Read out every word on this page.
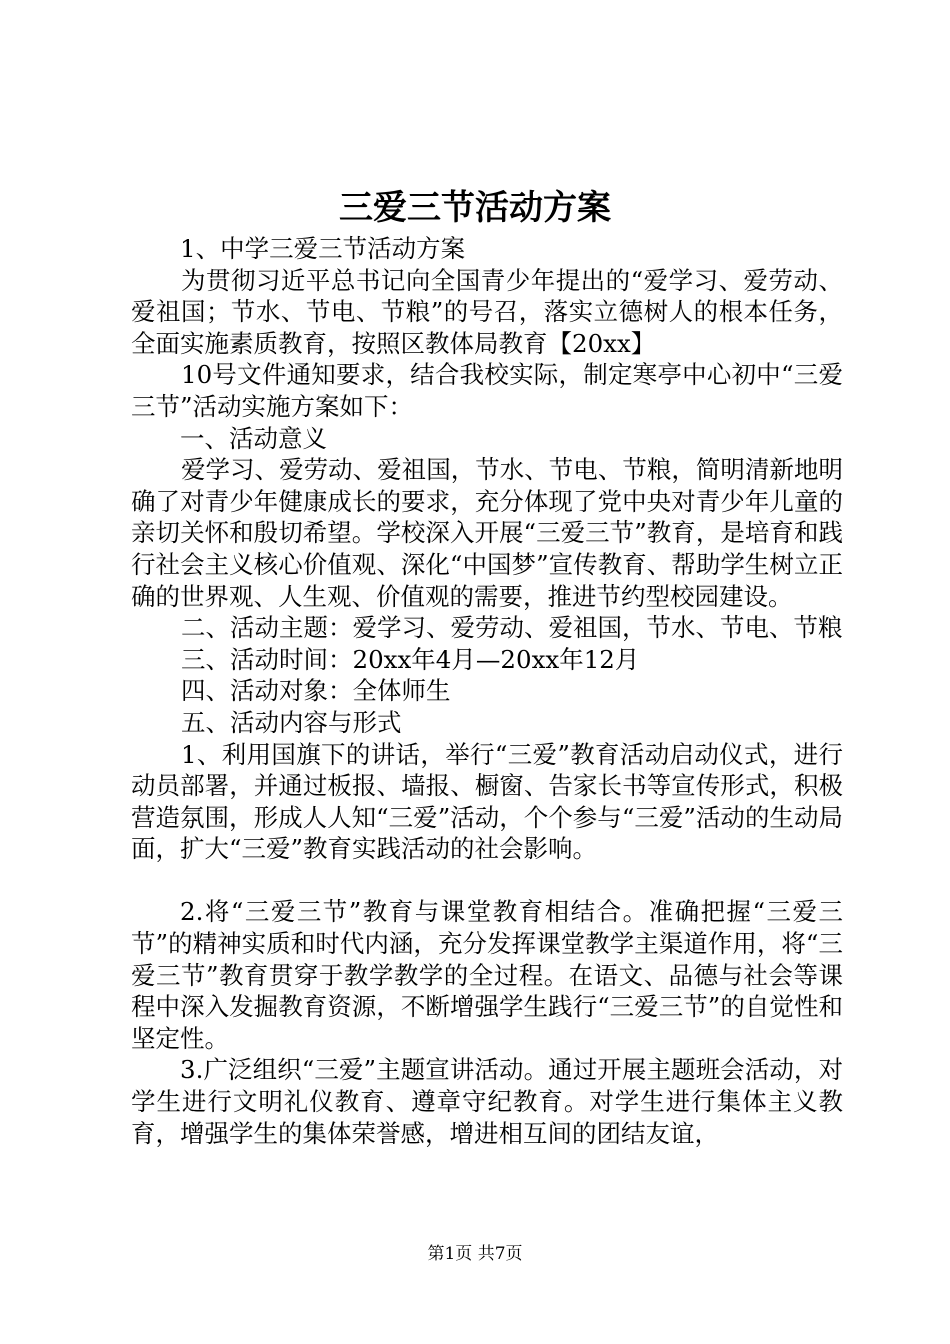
三爱三节活动方案

1、中学三爱三节活动方案

为贯彻习近平总书记向全国青少年提出的“爱学习、爱劳动、爱祖国；节水、节电、节粮”的号召，落实立德树人的根本任务，全面实施素质教育，按照区教体局教育【20xx】

10号文件通知要求，结合我校实际，制定寒亭中心初中“三爱三节”活动实施方案如下：

一、活动意义

爱学习、爱劳动、爱祖国，节水、节电、节粮，简明清新地明确了对青少年健康成长的要求，充分体现了党中央对青少年儿童的亲切关怀和殷切希望。学校深入开展“三爱三节”教育，是培育和践行社会主义核心价值观、深化“中国梦”宣传教育、帮助学生树立正确的世界观、人生观、价值观的需要，推进节约型校园建设。

二、活动主题：爱学习、爱劳动、爱祖国，节水、节电、节粮

三、活动时间：20xx年4月—20xx年12月

四、活动对象：全体师生

五、活动内容与形式

1、利用国旗下的讲话，举行“三爱”教育活动启动仪式，进行动员部署，并通过板报、墙报、橱窗、告家长书等宣传形式，积极营造氛围，形成人人知“三爱”活动，个个参与“三爱”活动的生动局面，扩大“三爱”教育实践活动的社会影响。

2.将“三爱三节”教育与课堂教育相结合。准确把握“三爱三节”的精神实质和时代内涵，充分发挥课堂教学主渠道作用，将“三爱三节”教育贯穿于教学教学的全过程。在语文、品德与社会等课程中深入发掘教育资源，不断增强学生践行“三爱三节”的自觉性和坚定性。

3.广泛组织“三爱”主题宣讲活动。通过开展主题班会活动，对学生进行文明礼仪教育、遵章守纪教育。对学生进行集体主义教育，增强学生的集体荣誉感，增进相互间的团结友谊，

第1页 共7页
